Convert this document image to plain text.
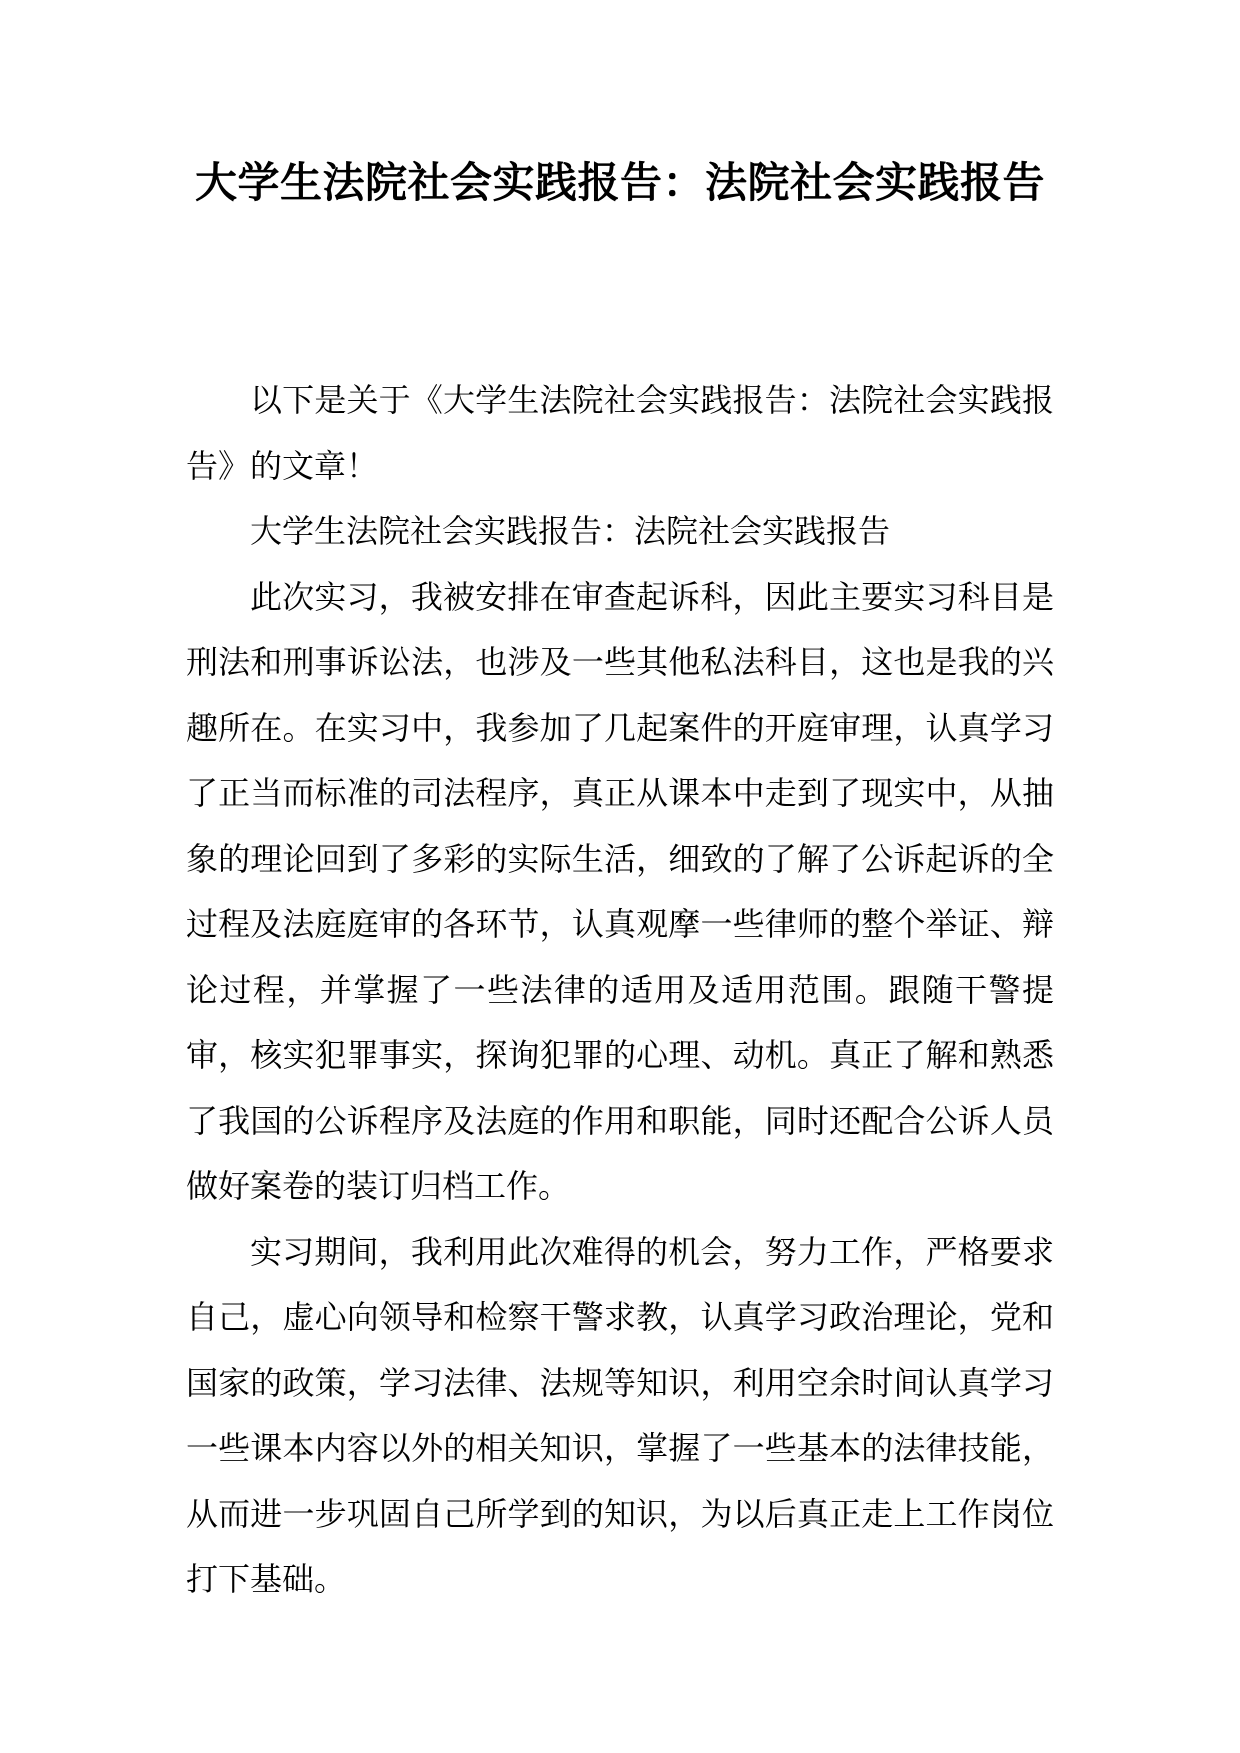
大学生法院社会实践报告：法院社会实践报告

以下是关于《大学生法院社会实践报告：法院社会实践报告》的文章！

大学生法院社会实践报告：法院社会实践报告

此次实习，我被安排在审查起诉科，因此主要实习科目是刑法和刑事诉讼法，也涉及一些其他私法科目，这也是我的兴趣所在。在实习中，我参加了几起案件的开庭审理，认真学习了正当而标准的司法程序，真正从课本中走到了现实中，从抽象的理论回到了多彩的实际生活，细致的了解了公诉起诉的全过程及法庭庭审的各环节，认真观摩一些律师的整个举证、辩论过程，并掌握了一些法律的适用及适用范围。跟随干警提审，核实犯罪事实，探询犯罪的心理、动机。真正了解和熟悉了我国的公诉程序及法庭的作用和职能，同时还配合公诉人员做好案卷的装订归档工作。

实习期间，我利用此次难得的机会，努力工作，严格要求自己，虚心向领导和检察干警求教，认真学习政治理论，党和国家的政策，学习法律、法规等知识，利用空余时间认真学习一些课本内容以外的相关知识，掌握了一些基本的法律技能，从而进一步巩固自己所学到的知识，为以后真正走上工作岗位打下基础。
